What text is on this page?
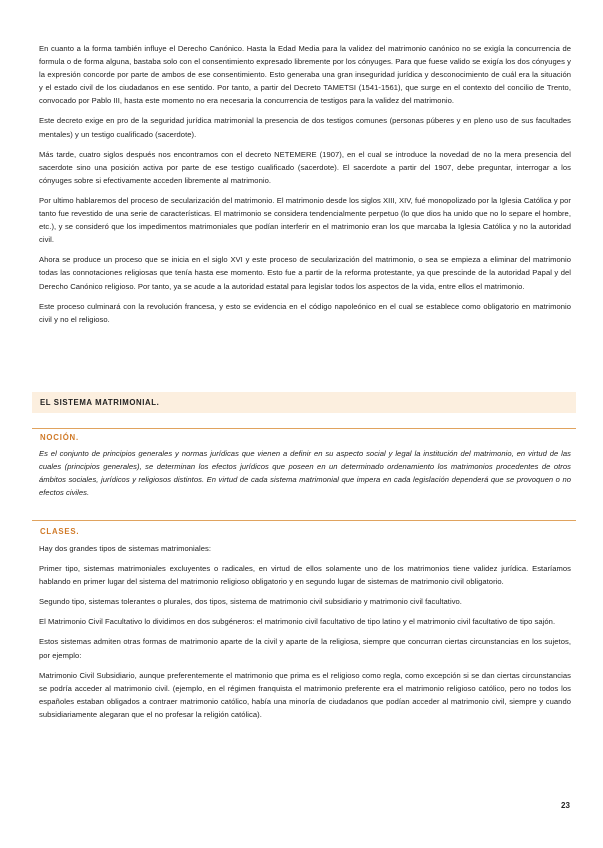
En cuanto a la forma también influye el Derecho Canónico. Hasta la Edad Media para la validez del matrimonio canónico no se exigía la concurrencia de formula o de forma alguna, bastaba solo con el consentimiento expresado libremente por los cónyuges. Para que fuese valido se exigía los dos cónyuges y la expresión concorde por parte de ambos de ese consentimiento. Esto generaba una gran inseguridad jurídica y desconocimiento de cuál era la situación y el estado civil de los ciudadanos en ese sentido. Por tanto, a partir del Decreto TAMETSI (1541-1561), que surge en el contexto del concilio de Trento, convocado por Pablo III, hasta este momento no era necesaria la concurrencia de testigos para la validez del matrimonio.

Este decreto exige en pro de la seguridad jurídica matrimonial la presencia de dos testigos comunes (personas púberes y en pleno uso de sus facultades mentales) y un testigo cualificado (sacerdote).

Más tarde, cuatro siglos después nos encontramos con el decreto NETEMERE (1907), en el cual se introduce la novedad de no la mera presencia del sacerdote sino una posición activa por parte de ese testigo cualificado (sacerdote). El sacerdote a partir del 1907, debe preguntar, interrogar a los cónyuges sobre si efectivamente acceden libremente al matrimonio.

Por ultimo hablaremos del proceso de secularización del matrimonio. El matrimonio desde los siglos XIII, XIV, fué monopolizado por la Iglesia Católica y por tanto fue revestido de una serie de características. El matrimonio se considera tendencialmente perpetuo (lo que dios ha unido que no lo separe el hombre, etc.), y se consideró que los impedimentos matrimoniales que podían interferir en el matrimonio eran los que marcaba la Iglesia Católica y no la autoridad civil.

Ahora se produce un proceso que se inicia en el siglo XVI y este proceso de secularización del matrimonio, o sea se empieza a eliminar del matrimonio todas las connotaciones religiosas que tenía hasta ese momento. Esto fue a partir de la reforma protestante, ya que prescinde de la autoridad Papal y del Derecho Canónico religioso. Por tanto, ya se acude a la autoridad estatal para legislar todos los aspectos de la vida, entre ellos el matrimonio.

Este proceso culminará con la revolución francesa, y esto se evidencia en el código napoleónico en el cual se establece como obligatorio en matrimonio civil y no el religioso.

EL SISTEMA MATRIMONIAL.
NOCIÓN.

Es el conjunto de principios generales y normas jurídicas que vienen a definir en su aspecto social y legal la institución del matrimonio, en virtud de las cuales (principios generales), se determinan los efectos jurídicos que poseen en un determinado ordenamiento los matrimonios procedentes de otros ámbitos sociales, jurídicos y religiosos distintos. En virtud de cada sistema matrimonial que impera en cada legislación dependerá que se provoquen o no efectos civiles.

CLASES.

Hay dos grandes tipos de sistemas matrimoniales:

Primer tipo, sistemas matrimoniales excluyentes o radicales, en virtud de ellos solamente uno de los matrimonios tiene validez jurídica. Estaríamos hablando en primer lugar del sistema del matrimonio religioso obligatorio y en segundo lugar de sistemas de matrimonio civil obligatorio.

Segundo tipo, sistemas tolerantes o plurales, dos tipos, sistema de matrimonio civil subsidiario y matrimonio civil facultativo.

El Matrimonio Civil Facultativo lo dividimos en dos subgéneros: el matrimonio civil facultativo de tipo latino y el matrimonio civil facultativo de tipo sajón.

Estos sistemas admiten otras formas de matrimonio aparte de la civil y aparte de la religiosa, siempre que concurran ciertas circunstancias en los sujetos, por ejemplo:

Matrimonio Civil Subsidiario, aunque preferentemente el matrimonio que prima es el religioso como regla, como excepción si se dan ciertas circunstancias se podría acceder al matrimonio civil. (ejemplo, en el régimen franquista el matrimonio preferente era el matrimonio religioso católico, pero no todos los españoles estaban obligados a contraer matrimonio católico, había una minoría de ciudadanos que podían acceder al matrimonio civil, siempre y cuando subsidiariamente alegaran que el no profesar la religión católica).

23
